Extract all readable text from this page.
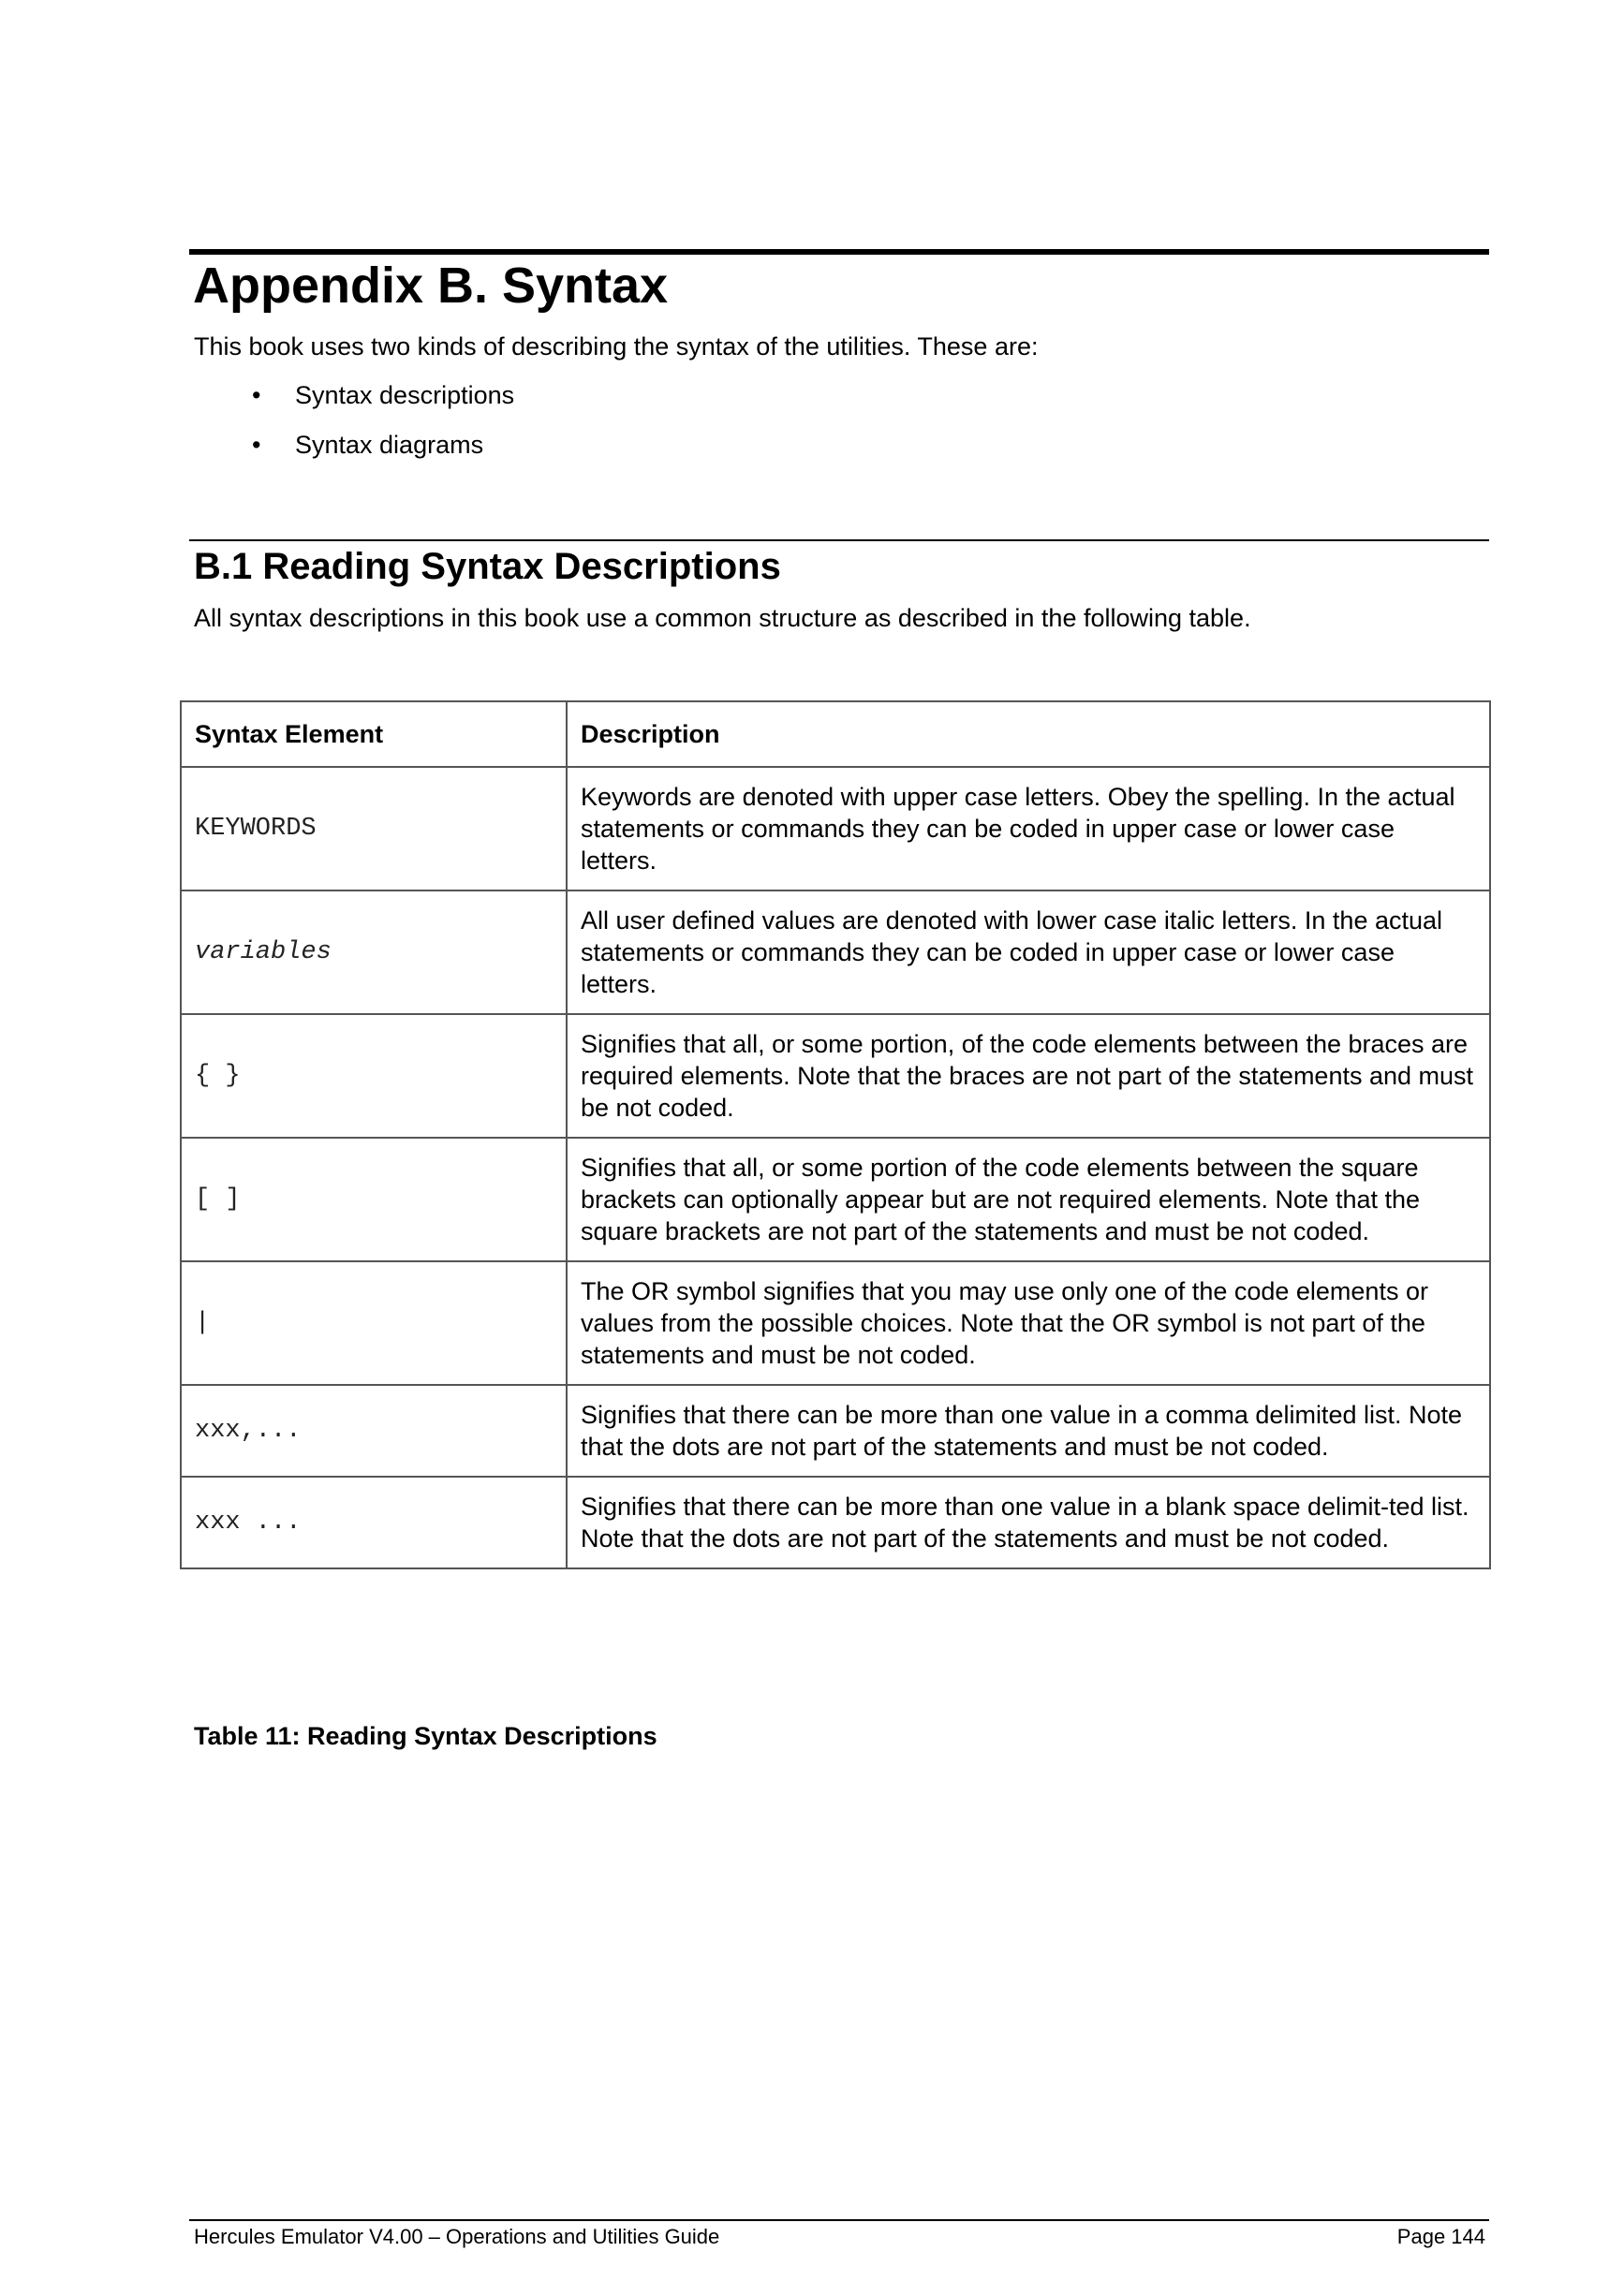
Appendix B. Syntax
This book uses two kinds of describing the syntax of the utilities. These are:
• Syntax descriptions
• Syntax diagrams
B.1 Reading Syntax Descriptions
All syntax descriptions in this book use a common structure as described in the following table.
Syntax Element	Description
KEYWORDS	Keywords are denoted with upper case letters. Obey the spelling. In the actual statements or commands they can be coded in upper case or lower case letters.
variables	All user defined values are denoted with lower case italic letters. In the actual statements or commands they can be coded in upper case or lower case letters.
{ }	Signifies that all, or some portion, of the code elements between the braces are required elements. Note that the braces are not part of the statements and must be not coded.
[ ]	Signifies that all, or some portion of the code elements between the square brackets can optionally appear but are not required elements. Note that the square brackets are not part of the statements and must be not coded.
|	The OR symbol signifies that you may use only one of the code elements or values from the possible choices. Note that the OR symbol is not part of the statements and must be not coded.
xxx,...	Signifies that there can be more than one value in a comma delimited list. Note that the dots are not part of the statements and must be not coded.
xxx ...	Signifies that there can be more than one value in a blank space delimit-ted list. Note that the dots are not part of the statements and must be not coded.
Table 11: Reading Syntax Descriptions
Hercules Emulator V4.00 – Operations and Utilities Guide	Page 144
